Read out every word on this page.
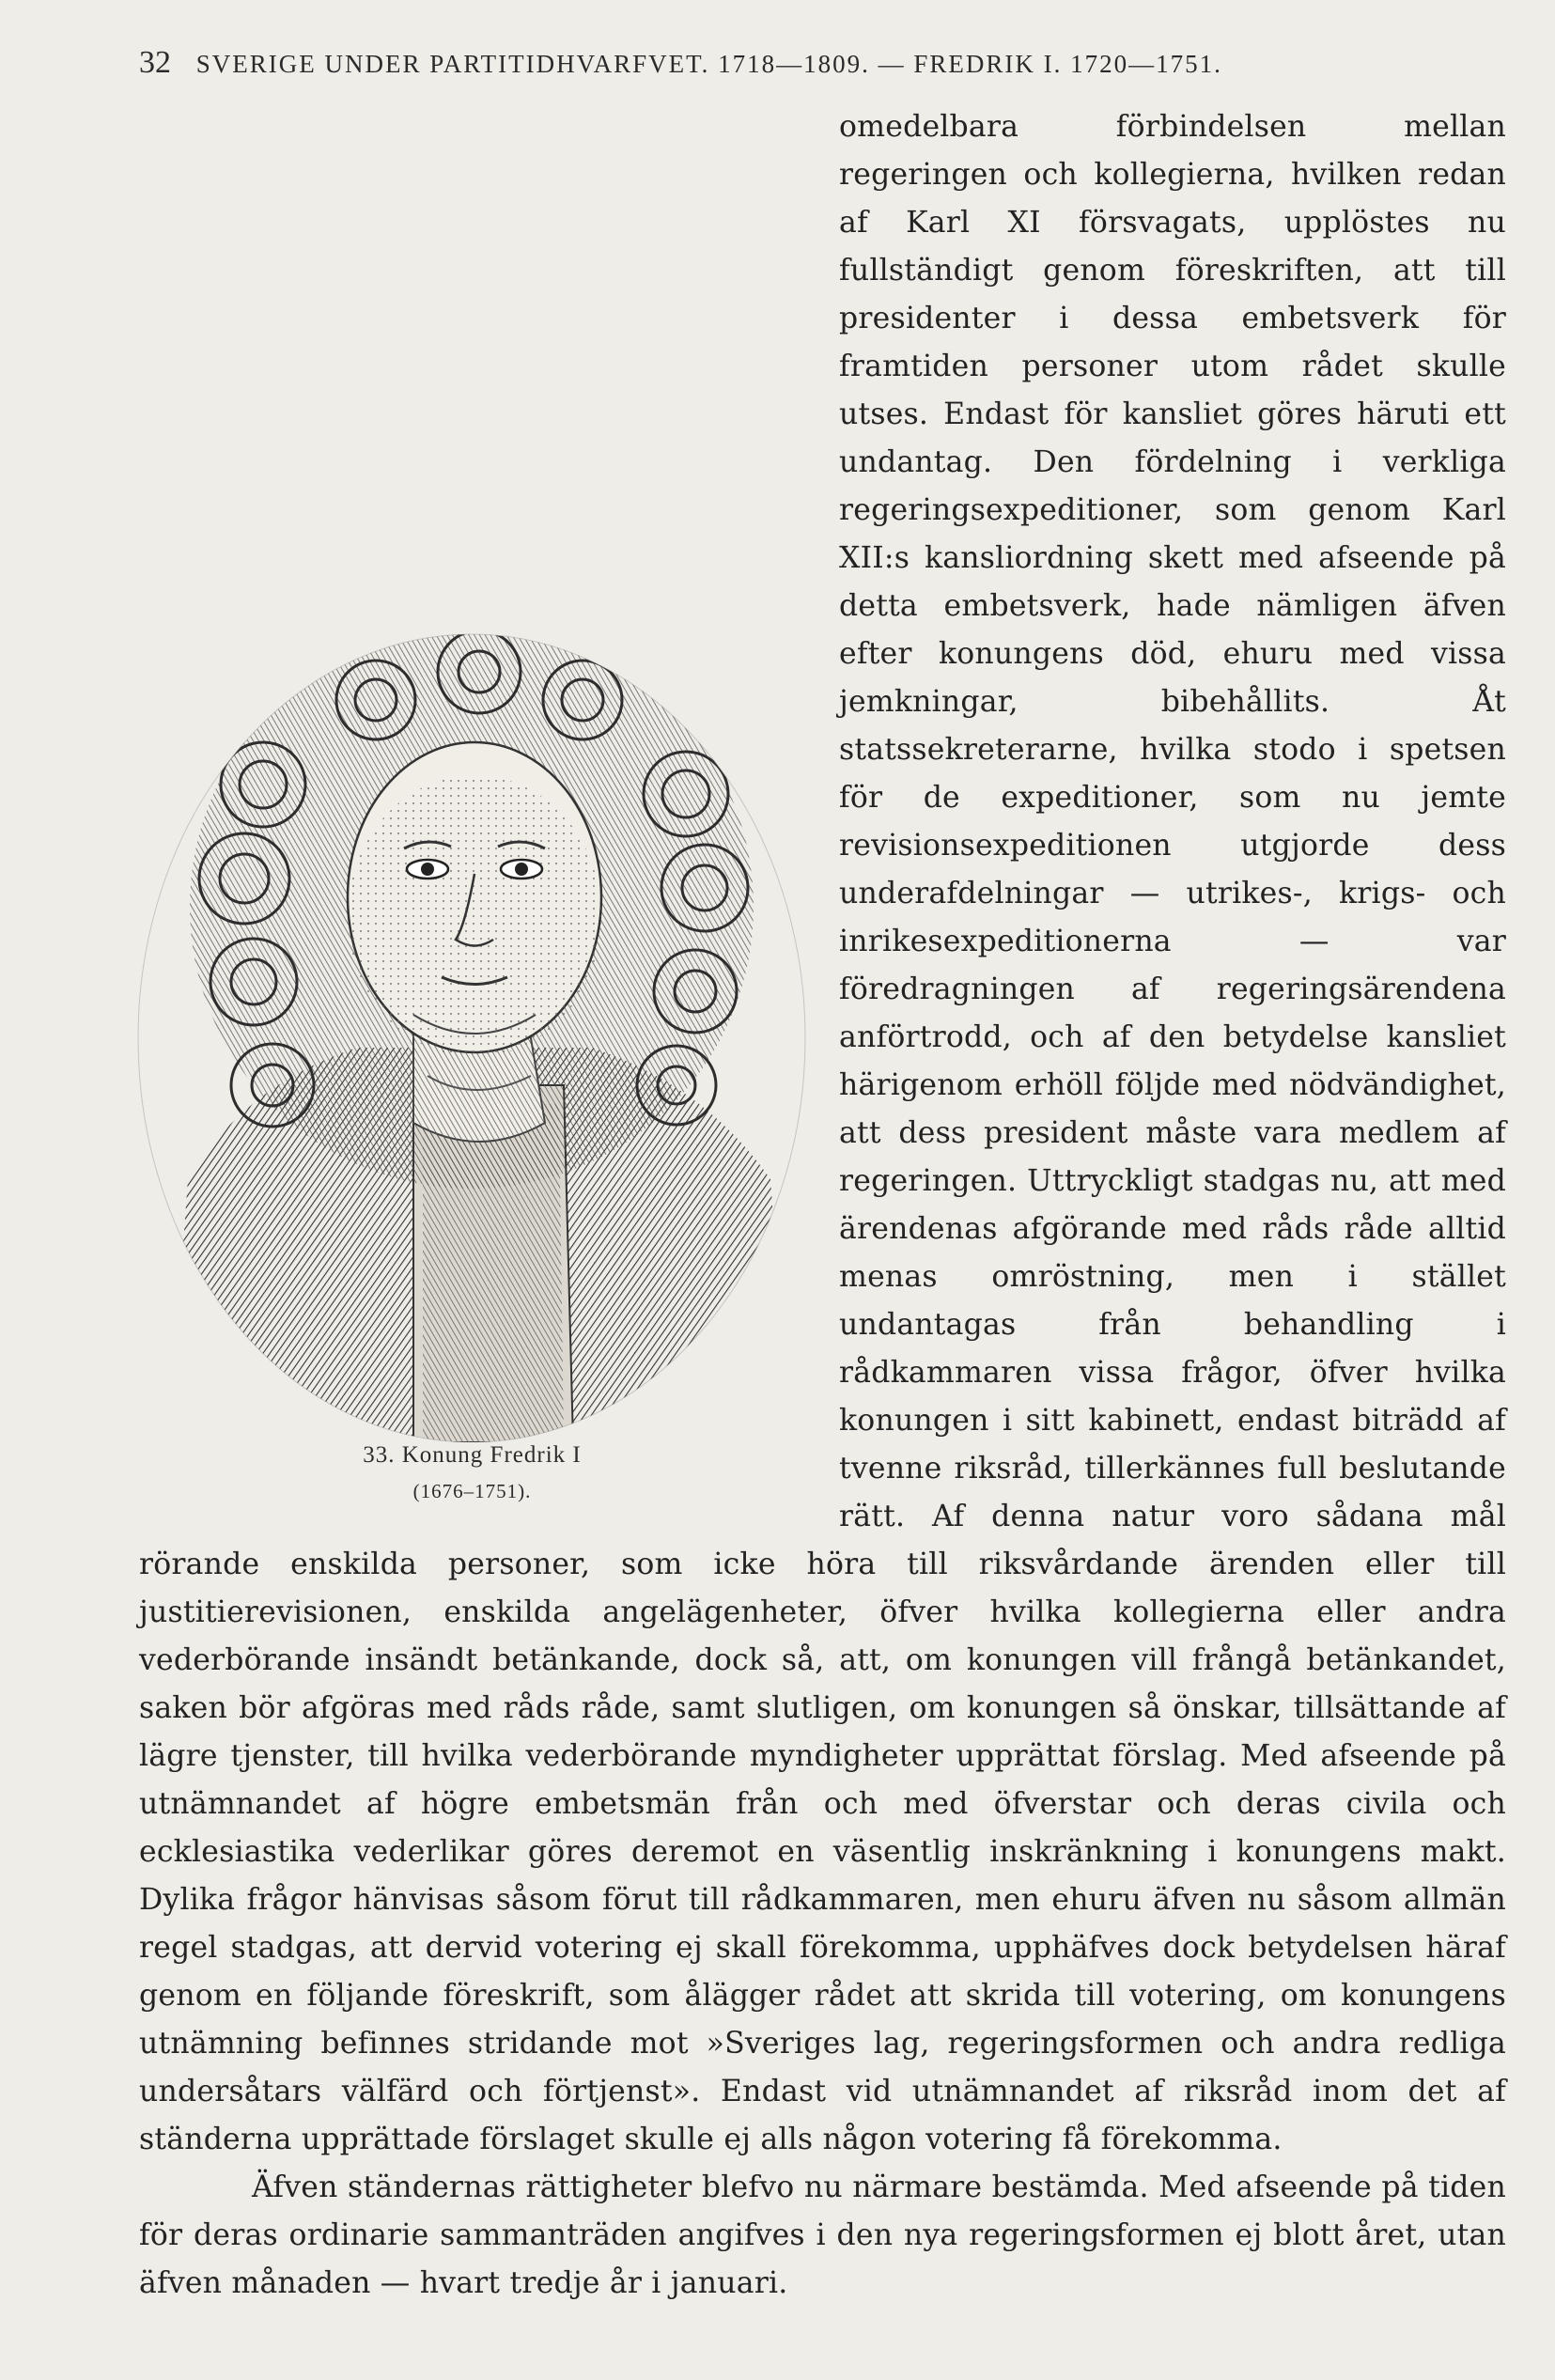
32 SVERIGE UNDER PARTITIDHVARFVET. 1718—1809. — FREDRIK I. 1720—1751.
33. Konung Fredrik I
(1676–1751).

omedelbara förbindelsen mellan regeringen och kollegierna, hvilken redan af Karl XI försvagats, upplöstes nu fullständigt genom föreskriften, att till presidenter i dessa embetsverk för framtiden personer utom rådet skulle utses. Endast för kansliet göres häruti ett undantag. Den fördelning i verkliga regeringsexpeditioner, som genom Karl XII:s kansliordning skett med afseende på detta embetsverk, hade nämligen äfven efter konungens död, ehuru med vissa jemkningar, bibehållits. Åt statssekreterarne, hvilka stodo i spetsen för de expeditioner, som nu jemte revisionsexpeditionen utgjorde dess underafdelningar — utrikes-, krigs- och inrikesexpeditionerna — var föredragningen af regeringsärendena anförtrodd, och af den betydelse kansliet härigenom erhöll följde med nödvändighet, att dess president måste vara medlem af regeringen. Uttryckligt stadgas nu, att med ärendenas afgörande med råds råde alltid menas omröstning, men i stället undantagas från behandling i rådkammaren vissa frågor, öfver hvilka konungen i sitt kabinett, endast biträdd af tvenne riksråd, tillerkännes full beslutande rätt. Af denna natur voro sådana mål rörande enskilda personer, som icke höra till riksvårdande ärenden eller till justitierevisionen, enskilda angelägenheter, öfver hvilka kollegierna eller andra vederbörande insändt betänkande, dock så, att, om konungen vill frångå betänkandet, saken bör afgöras med råds råde, samt slutligen, om konungen så önskar, tillsättande af lägre tjenster, till hvilka vederbörande myndigheter upprättat förslag. Med afseende på utnämnandet af högre embetsmän från och med öfverstar och deras civila och ecklesiastika vederlikar göres deremot en väsentlig inskränkning i konungens makt. Dylika frågor hänvisas såsom förut till rådkammaren, men ehuru äfven nu såsom allmän regel stadgas, att dervid votering ej skall förekomma, upphäfves dock betydelsen häraf genom en följande föreskrift, som ålägger rådet att skrida till votering, om konungens utnämning befinnes stridande mot »Sveriges lag, regeringsformen och andra redliga undersåtars välfärd och förtjenst». Endast vid utnämnandet af riksråd inom det af ständerna upprättade förslaget skulle ej alls någon votering få förekomma.

Äfven ständernas rättigheter blefvo nu närmare bestämda. Med afseende på tiden för deras ordinarie sammanträden angifves i den nya regeringsformen ej blott året, utan äfven månaden — hvart tredje år i januari.
